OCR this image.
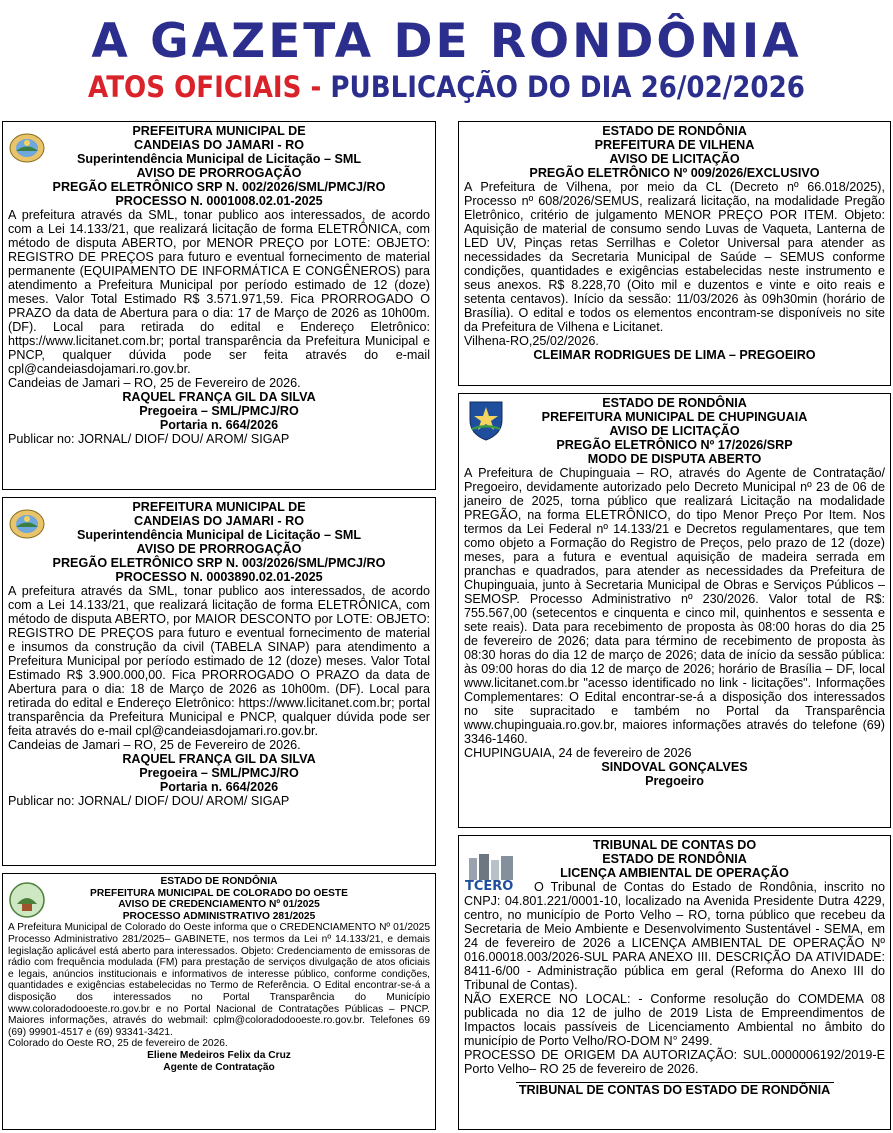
A GAZETA DE RONDÔNIA
ATOS OFICIAIS - PUBLICAÇÃO DO DIA 26/02/2026
PREFEITURA MUNICIPAL DE
CANDEIAS DO JAMARI - RO
Superintendência Municipal de Licitação – SML
AVISO DE PRORROGAÇÃO
PREGÃO ELETRÔNICO SRP N. 002/2026/SML/PMCJ/RO
PROCESSO N. 0001008.02.01-2025

A prefeitura através da SML, tonar publico aos interessados, de acordo com a Lei 14.133/21, que realizará licitação de forma ELETRÔNICA, com método de disputa ABERTO, por MENOR PREÇO por LOTE: OBJETO: REGISTRO DE PREÇOS para futuro e eventual fornecimento de material permanente (EQUIPAMENTO DE INFORMÁTICA E CONGÊNEROS) para atendimento a Prefeitura Municipal por período estimado de 12 (doze) meses. Valor Total Estimado R$ 3.571.971,59. Fica PRORROGADO O PRAZO da data de Abertura para o dia: 17 de Março de 2026 as 10h00m. (DF). Local para retirada do edital e Endereço Eletrônico: https://www.licitanet.com.br; portal transparência da Prefeitura Municipal e PNCP, qualquer dúvida pode ser feita através do e-mail cpl@candeiasdojamari.ro.gov.br.

Candeias de Jamari – RO, 25 de Fevereiro de 2026.
RAQUEL FRANÇA GIL DA SILVA
Pregoeira – SML/PMCJ/RO
Portaria n. 664/2026
Publicar no: JORNAL/ DIOF/ DOU/ AROM/ SIGAP
PREFEITURA MUNICIPAL DE
CANDEIAS DO JAMARI - RO
Superintendência Municipal de Licitação – SML
AVISO DE PRORROGAÇÃO
PREGÃO ELETRÔNICO SRP N. 003/2026/SML/PMCJ/RO
PROCESSO N. 0003890.02.01-2025

A prefeitura através da SML, tonar publico aos interessados, de acordo com a Lei 14.133/21, que realizará licitação de forma ELETRÔNICA, com método de disputa ABERTO, por MAIOR DESCONTO por LOTE: OBJETO: REGISTRO DE PREÇOS para futuro e eventual fornecimento de material e insumos da construção da civil (TABELA SINAP) para atendimento a Prefeitura Municipal por período estimado de 12 (doze) meses. Valor Total Estimado R$ 3.900.000,00. Fica PRORROGADO O PRAZO da data de Abertura para o dia: 18 de Março de 2026 as 10h00m. (DF). Local para retirada do edital e Endereço Eletrônico: https://www.licitanet.com.br; portal transparência da Prefeitura Municipal e PNCP, qualquer dúvida pode ser feita através do e-mail cpl@candeiasdojamari.ro.gov.br.

Candeias de Jamari – RO, 25 de Fevereiro de 2026.
RAQUEL FRANÇA GIL DA SILVA
Pregoeira – SML/PMCJ/RO
Portaria n. 664/2026
Publicar no: JORNAL/ DIOF/ DOU/ AROM/ SIGAP
ESTADO DE RONDÔNIA
PREFEITURA MUNICIPAL DE COLORADO DO OESTE
AVISO DE CREDENCIAMENTO Nº 01/2025
PROCESSO ADMINISTRATIVO 281/2025

A Prefeitura Municipal de Colorado do Oeste informa que o CREDENCIAMENTO Nº 01/2025 Processo Administrativo 281/2025– GABINETE, nos termos da Lei nº 14.133/21, e demais legislação aplicável está aberto para interessados. Objeto: Credenciamento de emissoras de rádio com frequência modulada (FM) para prestação de serviços divulgação de atos oficiais e legais, anúncios institucionais e informativos de interesse público, conforme condições, quantidades e exigências estabelecidas no Termo de Referência. O Edital encontrar-se-á a disposição dos interessados no Portal Transparência do Município www.coloradodooeste.ro.gov.br e no Portal Nacional de Contratações Públicas – PNCP. Maiores informações, através do webmail: cplm@coloradodooeste.ro.gov.br. Telefones 69 (69) 99901-4517 e (69) 93341-3421.

Colorado do Oeste RO, 25 de fevereiro de 2026.
Eliene Medeiros Felix da Cruz
Agente de Contratação
ESTADO DE RONDÔNIA
PREFEITURA DE VILHENA
AVISO DE LICITAÇÃO
PREGÃO ELETRÔNICO Nº 009/2026/EXCLUSIVO

A Prefeitura de Vilhena, por meio da CL (Decreto nº 66.018/2025), Processo nº 608/2026/SEMUS, realizará licitação, na modalidade Pregão Eletrônico, critério de julgamento MENOR PREÇO POR ITEM. Objeto: Aquisição de material de consumo sendo Luvas de Vaqueta, Lanterna de LED UV, Pinças retas Serrilhas e Coletor Universal para atender as necessidades da Secretaria Municipal de Saúde – SEMUS conforme condições, quantidades e exigências estabelecidas neste instrumento e seus anexos. R$ 8.228,70 (Oito mil e duzentos e vinte e oito reais e setenta centavos). Início da sessão: 11/03/2026 às 09h30min (horário de Brasília). O edital e todos os elementos encontram-se disponíveis no site da Prefeitura de Vilhena e Licitanet.

Vilhena-RO,25/02/2026.
CLEIMAR RODRIGUES DE LIMA – PREGOEIRO
ESTADO DE RONDÔNIA
PREFEITURA MUNICIPAL DE CHUPINGUAIA
AVISO DE LICITAÇÃO
PREGÃO ELETRÔNICO Nº 17/2026/SRP
MODO DE DISPUTA ABERTO

A Prefeitura de Chupinguaia – RO, através do Agente de Contratação/ Pregoeiro, devidamente autorizado pelo Decreto Municipal nº 23 de 06 de janeiro de 2025, torna público que realizará Licitação na modalidade PREGÃO, na forma ELETRÔNICO, do tipo Menor Preço Por Item. Nos termos da Lei Federal nº 14.133/21 e Decretos regulamentares, que tem como objeto a Formação do Registro de Preços, pelo prazo de 12 (doze) meses, para a futura e eventual aquisição de madeira serrada em pranchas e quadrados, para atender as necessidades da Prefeitura de Chupinguaia, junto à Secretaria Municipal de Obras e Serviços Públicos – SEMOSP. Processo Administrativo nº 230/2026. Valor total de R$: 755.567,00 (setecentos e cinquenta e cinco mil, quinhentos e sessenta e sete reais). Data para recebimento de proposta às 08:00 horas do dia 25 de fevereiro de 2026; data para término de recebimento de proposta às 08:30 horas do dia 12 de março de 2026; data de início da sessão pública: às 09:00 horas do dia 12 de março de 2026; horário de Brasília – DF, local www.licitanet.com.br "acesso identificado no link - licitações". Informações Complementares: O Edital encontrar-se-á a disposição dos interessados no site supracitado e também no Portal da Transparência www.chupinguaia.ro.gov.br, maiores informações através do telefone (69) 3346-1460.

CHUPINGUAIA, 24 de fevereiro de 2026
SINDOVAL GONÇALVES
Pregoeiro
TCERO
TRIBUNAL DE CONTAS DO
ESTADO DE RONDÔNIA
LICENÇA AMBIENTAL DE OPERAÇÃO

O Tribunal de Contas do Estado de Rondônia, inscrito no CNPJ: 04.801.221/0001-10, localizado na Avenida Presidente Dutra 4229, centro, no município de Porto Velho – RO, torna público que recebeu da Secretaria de Meio Ambiente e Desenvolvimento Sustentável - SEMA, em 24 de fevereiro de 2026 a LICENÇA AMBIENTAL DE OPERAÇÃO Nº 016.00018.003/2026-SUL PARA ANEXO III. DESCRIÇÃO DA ATIVIDADE: 8411-6/00 - Administração pública em geral (Reforma do Anexo III do Tribunal de Contas).

NÃO EXERCE NO LOCAL: - Conforme resolução do COMDEMA 08 publicada no dia 12 de julho de 2019 Lista de Empreendimentos de Impactos locais passíveis de Licenciamento Ambiental no âmbito do município de Porto Velho/RO-DOM N° 2499.

PROCESSO DE ORIGEM DA AUTORIZAÇÃO: SUL.0000006192/2019-E Porto Velho– RO 25 de fevereiro de 2026.

TRIBUNAL DE CONTAS DO ESTADO DE RONDÔNIA
